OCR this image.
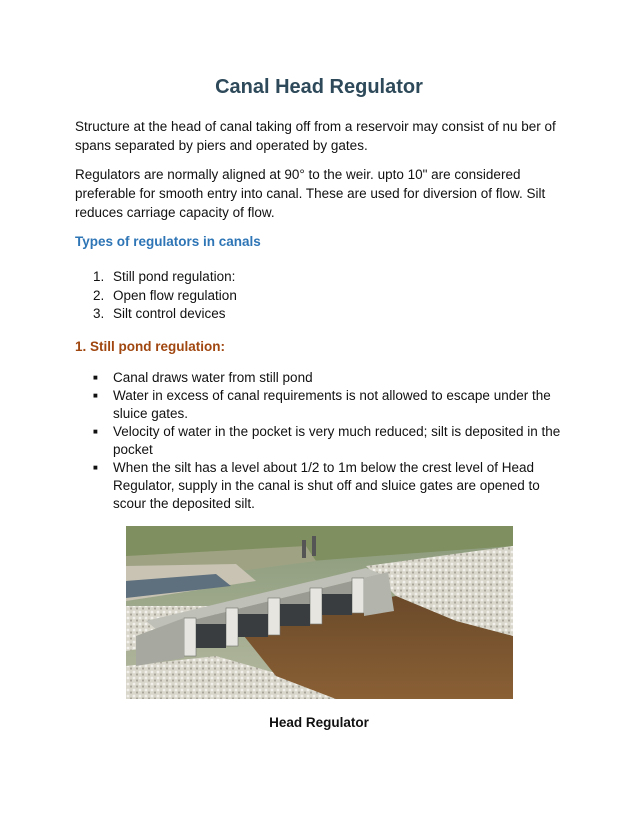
Canal Head Regulator

Structure at the head of canal taking off from a reservoir may consist of nu ber of spans separated by piers and operated by gates.

Regulators are normally aligned at 90° to the weir. upto 10" are considered preferable for smooth entry into canal. These are used for diversion of flow. Silt reduces carriage capacity of flow.

Types of regulators in canals

1. Still pond regulation:
2. Open flow regulation
3. Silt control devices

1. Still pond regulation:

■	Canal draws water from still pond
■	Water in excess of canal requirements is not allowed to escape under the sluice gates.
■	Velocity of water in the pocket is very much reduced; silt is deposited in the pocket
■	When the silt has a level about 1/2 to 1m below the crest level of Head Regulator, supply in the canal is shut off and sluice gates are opened to scour the deposited silt.
Head Regulator
